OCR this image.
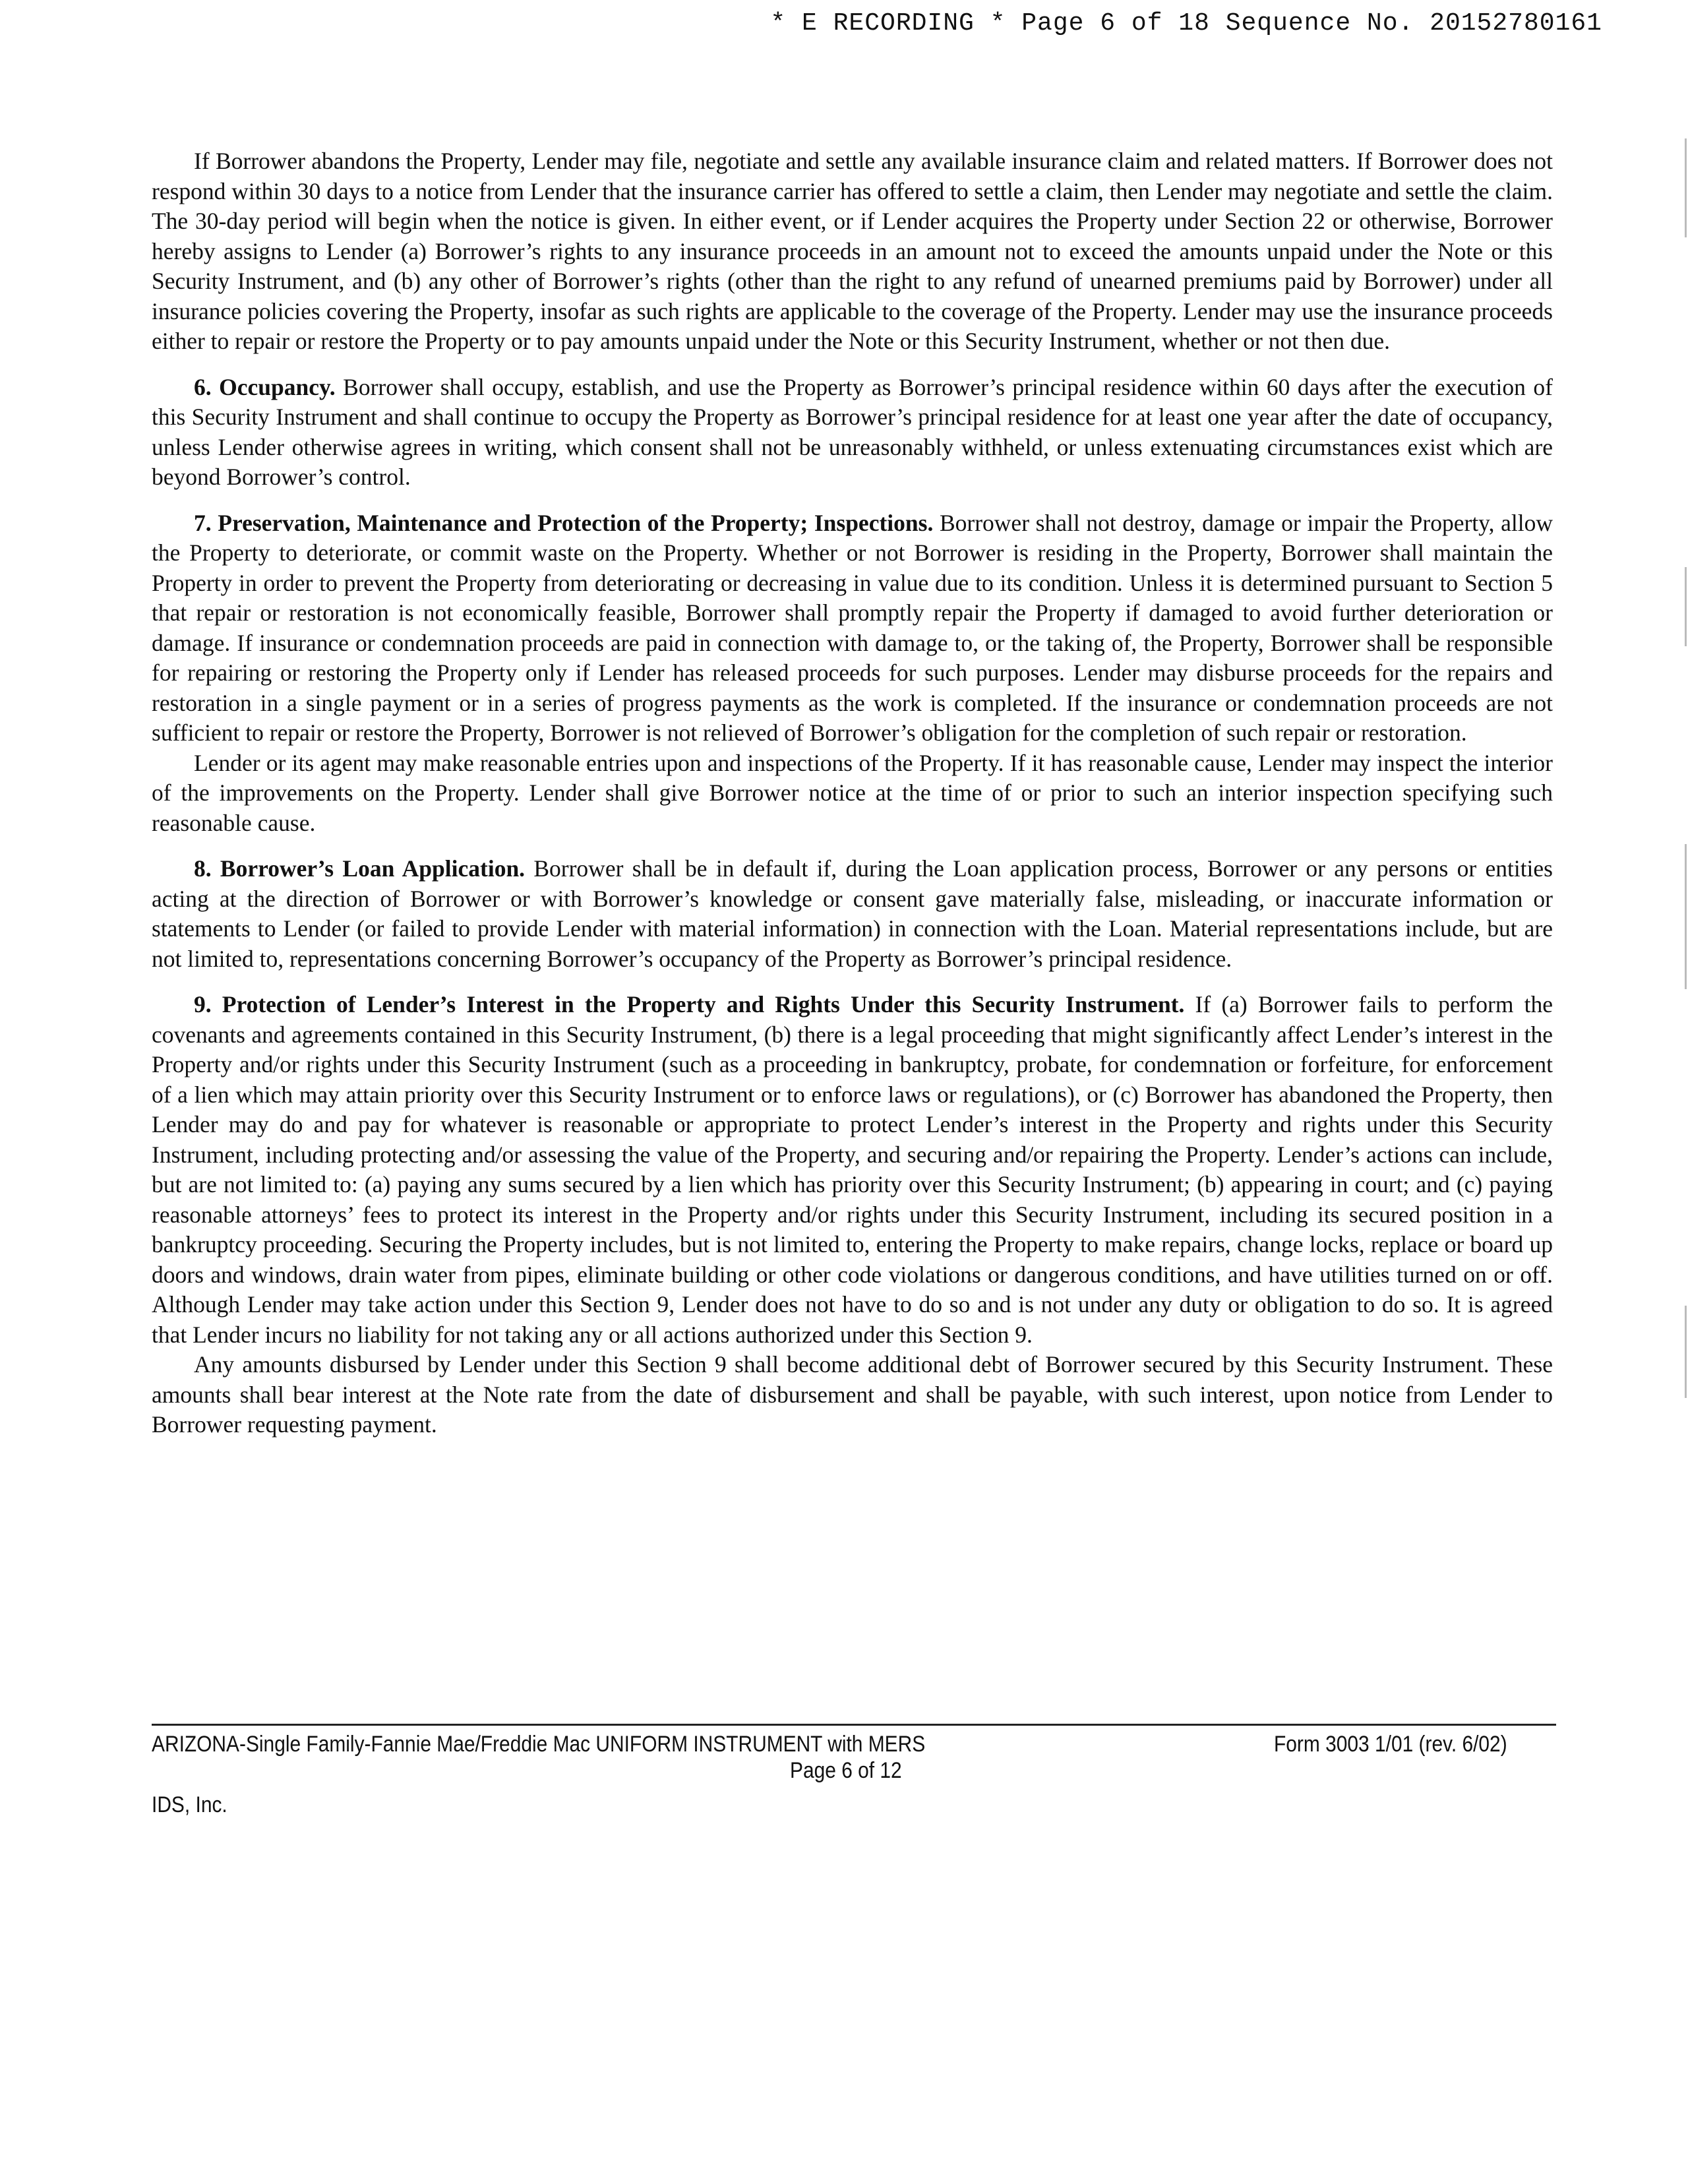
* E RECORDING * Page 6 of 18 Sequence No. 20152780161

If Borrower abandons the Property, Lender may file, negotiate and settle any available insurance claim and related matters. If Borrower does not respond within 30 days to a notice from Lender that the insurance carrier has offered to settle a claim, then Lender may negotiate and settle the claim. The 30-day period will begin when the notice is given. In either event, or if Lender acquires the Property under Section 22 or otherwise, Borrower hereby assigns to Lender (a) Borrower’s rights to any insurance proceeds in an amount not to exceed the amounts unpaid under the Note or this Security Instrument, and (b) any other of Borrower’s rights (other than the right to any refund of unearned premiums paid by Borrower) under all insurance policies covering the Property, insofar as such rights are applicable to the coverage of the Property. Lender may use the insurance proceeds either to repair or restore the Property or to pay amounts unpaid under the Note or this Security Instrument, whether or not then due.

6. Occupancy. Borrower shall occupy, establish, and use the Property as Borrower’s principal residence within 60 days after the execution of this Security Instrument and shall continue to occupy the Property as Borrower’s principal residence for at least one year after the date of occupancy, unless Lender otherwise agrees in writing, which consent shall not be unreasonably withheld, or unless extenuating circumstances exist which are beyond Borrower’s control.

7. Preservation, Maintenance and Protection of the Property; Inspections. Borrower shall not destroy, damage or impair the Property, allow the Property to deteriorate, or commit waste on the Property. Whether or not Borrower is residing in the Property, Borrower shall maintain the Property in order to prevent the Property from deteriorating or decreasing in value due to its condition. Unless it is determined pursuant to Section 5 that repair or restoration is not economically feasible, Borrower shall promptly repair the Property if damaged to avoid further deterioration or damage. If insurance or condemnation proceeds are paid in connection with damage to, or the taking of, the Property, Borrower shall be responsible for repairing or restoring the Property only if Lender has released proceeds for such purposes. Lender may disburse proceeds for the repairs and restoration in a single payment or in a series of progress payments as the work is completed. If the insurance or condemnation proceeds are not sufficient to repair or restore the Property, Borrower is not relieved of Borrower’s obligation for the completion of such repair or restoration.

Lender or its agent may make reasonable entries upon and inspections of the Property. If it has reasonable cause, Lender may inspect the interior of the improvements on the Property. Lender shall give Borrower notice at the time of or prior to such an interior inspection specifying such reasonable cause.

8. Borrower’s Loan Application. Borrower shall be in default if, during the Loan application process, Borrower or any persons or entities acting at the direction of Borrower or with Borrower’s knowledge or consent gave materially false, misleading, or inaccurate information or statements to Lender (or failed to provide Lender with material information) in connection with the Loan. Material representations include, but are not limited to, representations concerning Borrower’s occupancy of the Property as Borrower’s principal residence.

9. Protection of Lender’s Interest in the Property and Rights Under this Security Instrument. If (a) Borrower fails to perform the covenants and agreements contained in this Security Instrument, (b) there is a legal proceeding that might significantly affect Lender’s interest in the Property and/or rights under this Security Instrument (such as a proceeding in bankruptcy, probate, for condemnation or forfeiture, for enforcement of a lien which may attain priority over this Security Instrument or to enforce laws or regulations), or (c) Borrower has abandoned the Property, then Lender may do and pay for whatever is reasonable or appropriate to protect Lender’s interest in the Property and rights under this Security Instrument, including protecting and/or assessing the value of the Property, and securing and/or repairing the Property. Lender’s actions can include, but are not limited to: (a) paying any sums secured by a lien which has priority over this Security Instrument; (b) appearing in court; and (c) paying reasonable attorneys’ fees to protect its interest in the Property and/or rights under this Security Instrument, including its secured position in a bankruptcy proceeding. Securing the Property includes, but is not limited to, entering the Property to make repairs, change locks, replace or board up doors and windows, drain water from pipes, eliminate building or other code violations or dangerous conditions, and have utilities turned on or off. Although Lender may take action under this Section 9, Lender does not have to do so and is not under any duty or obligation to do so. It is agreed that Lender incurs no liability for not taking any or all actions authorized under this Section 9.

Any amounts disbursed by Lender under this Section 9 shall become additional debt of Borrower secured by this Security Instrument. These amounts shall bear interest at the Note rate from the date of disbursement and shall be payable, with such interest, upon notice from Lender to Borrower requesting payment.

ARIZONA-Single Family-Fannie Mae/Freddie Mac UNIFORM INSTRUMENT with MERS
Page 6 of 12
Form 3003 1/01 (rev. 6/02)
IDS, Inc.
